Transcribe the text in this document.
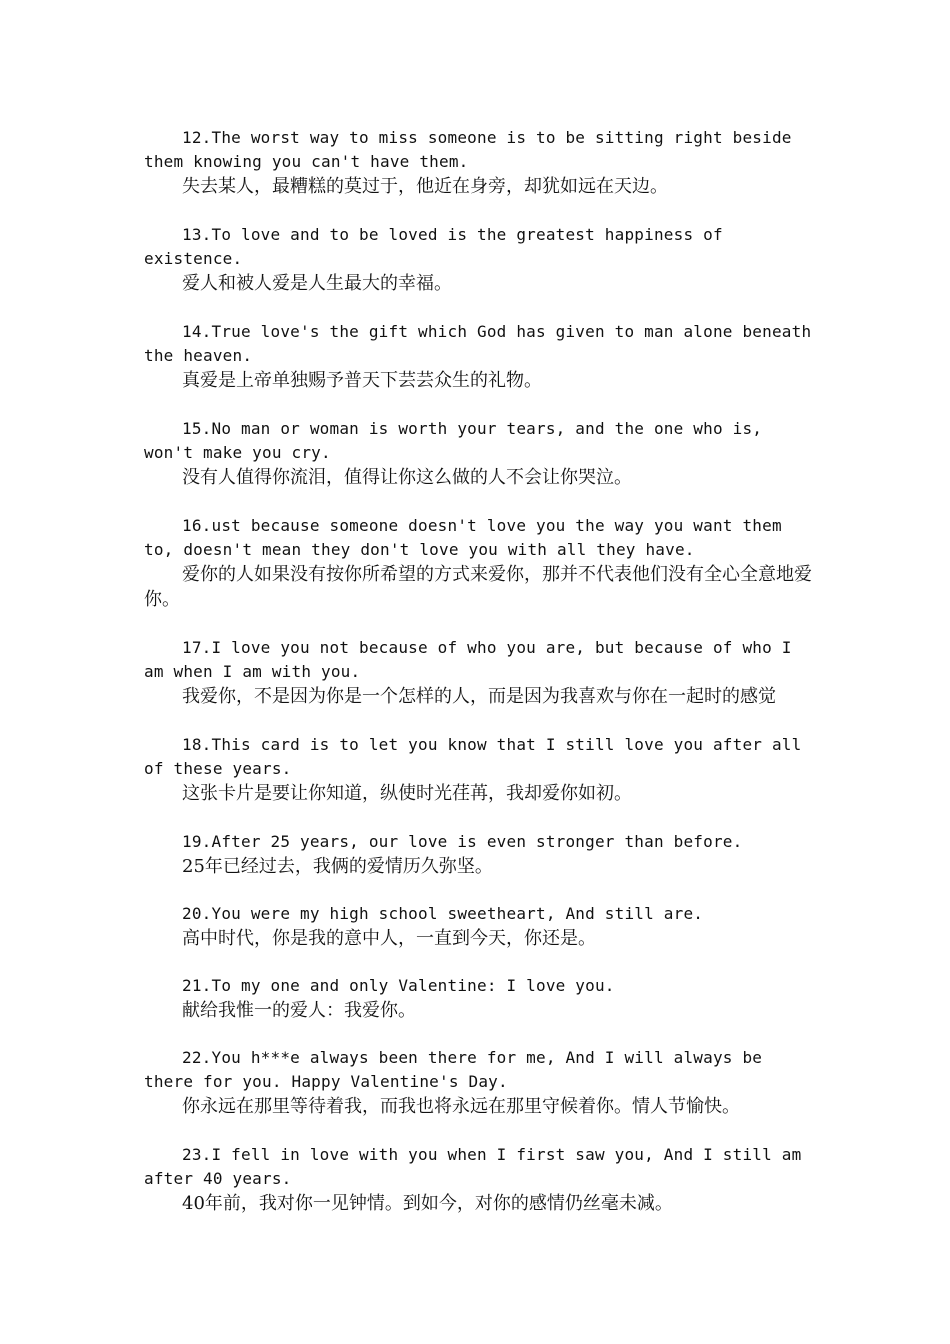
12.The worst way to miss someone is to be sitting right beside them knowing you can't have them.

失去某人，最糟糕的莫过于，他近在身旁，却犹如远在天边。

13.To love and to be loved is the greatest happiness of existence.

爱人和被人爱是人生最大的幸福。

14.True love's the gift which God has given to man alone beneath the heaven.

真爱是上帝单独赐予普天下芸芸众生的礼物。

15.No man or woman is worth your tears, and the one who is, won't make you cry.

没有人值得你流泪，值得让你这么做的人不会让你哭泣。

16.ust because someone doesn't love you the way you want them to, doesn't mean they don't love you with all they have.

爱你的人如果没有按你所希望的方式来爱你，那并不代表他们没有全心全意地爱你。

17.I love you not because of who you are, but because of who I am when I am with you.

我爱你，不是因为你是一个怎样的人，而是因为我喜欢与你在一起时的感觉

18.This card is to let you know that I still love you after all of these years.

这张卡片是要让你知道，纵使时光荏苒，我却爱你如初。

19.After 25 years, our love is even stronger than before.

25年已经过去，我俩的爱情历久弥坚。

20.You were my high school sweetheart, And still are.

高中时代，你是我的意中人，一直到今天，你还是。

21.To my one and only Valentine: I love you.

献给我惟一的爱人：我爱你。

22.You h***e always been there for me, And I will always be there for you. Happy Valentine's Day.

你永远在那里等待着我，而我也将永远在那里守候着你。情人节愉快。

23.I fell in love with you when I first saw you, And I still am after 40 years.

40年前，我对你一见钟情。到如今，对你的感情仍丝毫未减。
